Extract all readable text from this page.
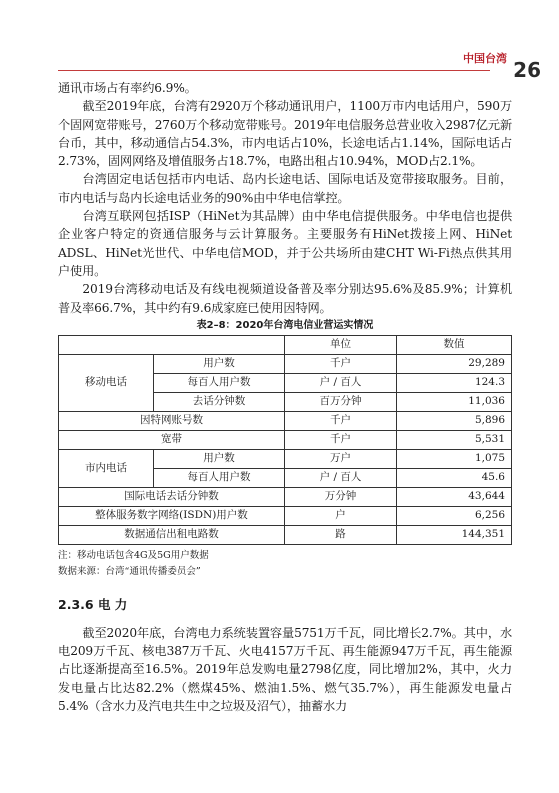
中国台湾 26

通讯市场占有率约6.9%。

截至2019年底，台湾有2920万个移动通讯用户，1100万市内电话用户，590万个固网宽带账号，2760万个移动宽带账号。2019年电信服务总营业收入2987亿元新台币，其中，移动通信占54.3%，市内电话占10%，长途电话占1.14%，国际电话占2.73%，固网网络及增值服务占18.7%，电路出租占10.94%，MOD占2.1%。

台湾固定电话包括市内电话、岛内长途电话、国际电话及宽带接取服务。目前，市内电话与岛内长途电话业务的90%由中华电信掌控。

台湾互联网包括ISP（HiNet为其品牌）由中华电信提供服务。中华电信也提供企业客户特定的资通信服务与云计算服务。主要服务有HiNet拨接上网、HiNet ADSL、HiNet光世代、中华电信MOD，并于公共场所由建CHT Wi-Fi热点供其用户使用。

2019台湾移动电话及有线电视频道设备普及率分别达95.6%及85.9%；计算机普及率66.7%，其中约有9.6成家庭已使用因特网。

表2–8：2020年台湾电信业营运实情况

		单位	数值
移动电话	用户数	千户	29,289
	每百人用户数	户 / 百人	124.3
	去话分钟数	百万分钟	11,036
因特网账号数		千户	5,896
宽带		千户	5,531
市内电话	用户数	万户	1,075
	每百人用户数	户 / 百人	45.6
国际电话去话分钟数		万分钟	43,644
整体服务数字网络(ISDN)用户数		户	6,256
数据通信出租电路数		路	144,351

注：移动电话包含4G及5G用户数据

数据来源：台湾“通讯传播委员会”

2.3.6 电 力

截至2020年底，台湾电力系统装置容量5751万千瓦，同比增长2.7%。其中，水电209万千瓦、核电387万千瓦、火电4157万千瓦、再生能源947万千瓦，再生能源占比逐渐提高至16.5%。2019年总发购电量2798亿度，同比增加2%，其中，火力发电量占比达82.2%（燃煤45%、燃油1.5%、燃气35.7%），再生能源发电量占5.4%（含水力及汽电共生中之垃圾及沼气），抽蓄水力
